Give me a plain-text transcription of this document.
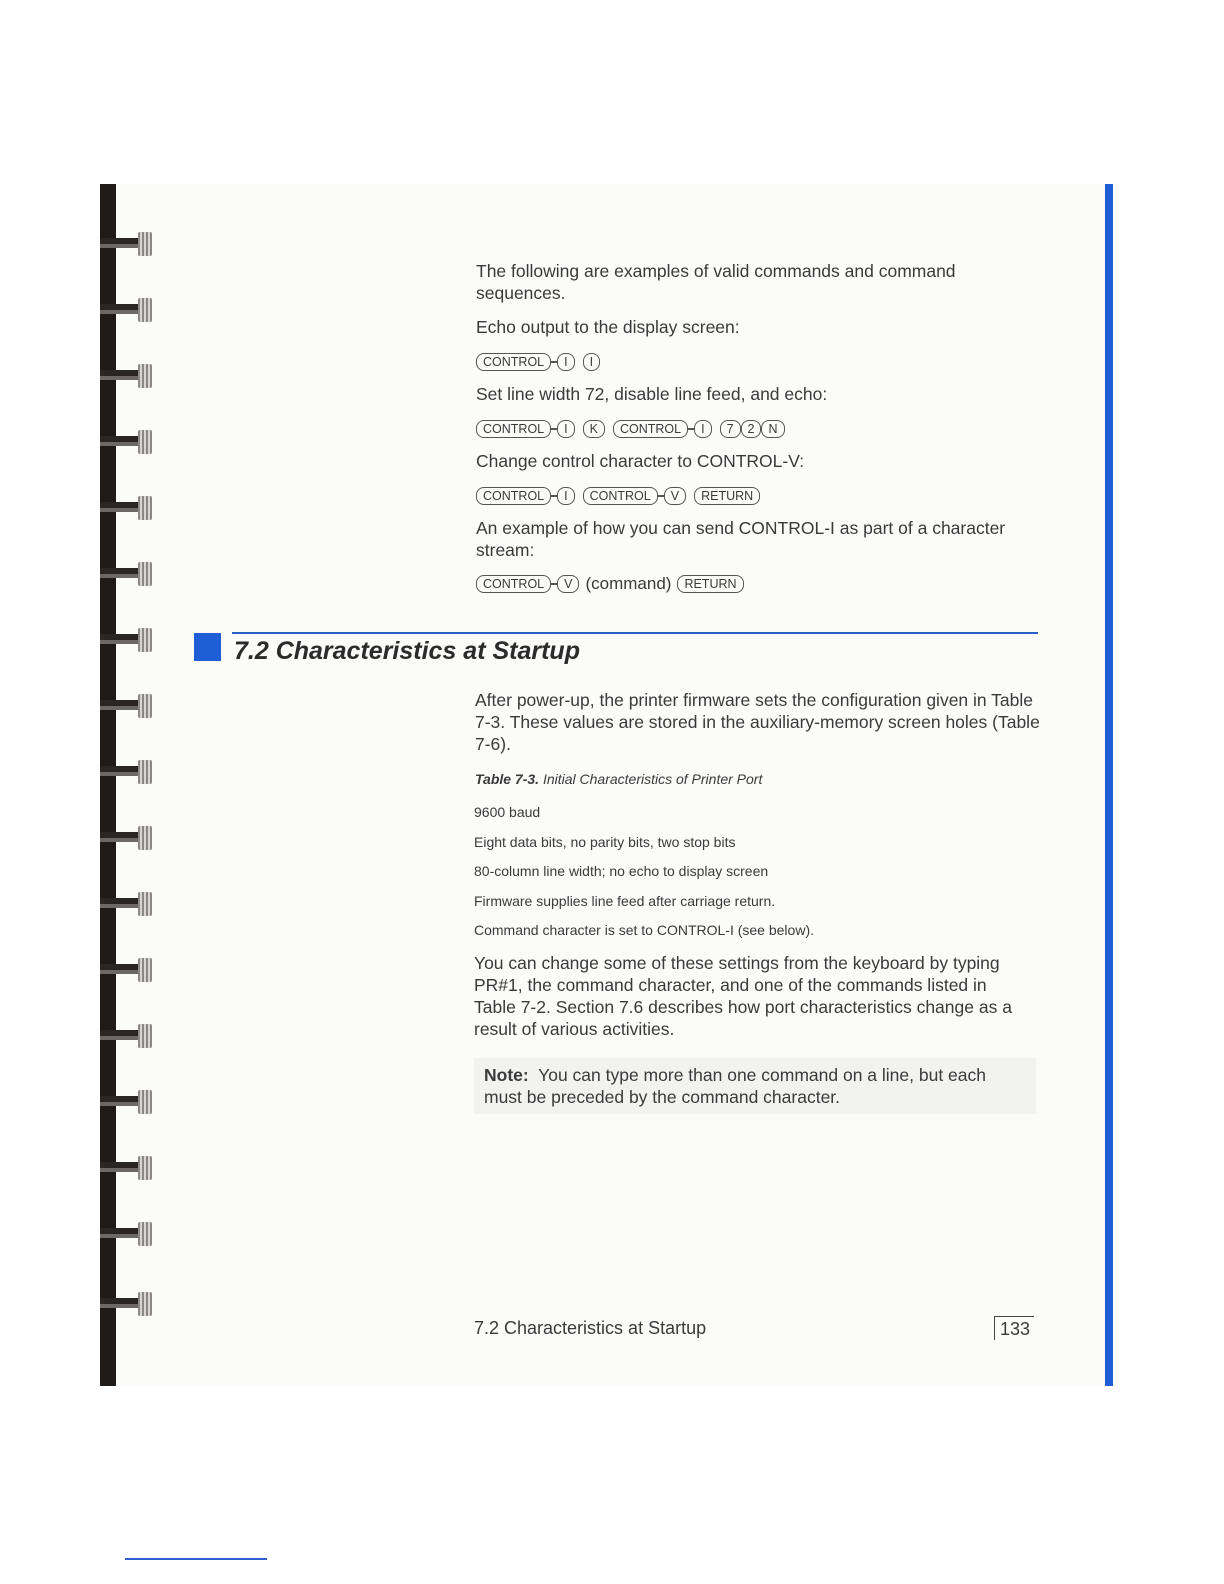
The following are examples of valid commands and command sequences.

Echo output to the display screen:

CONTROL	I	I

Set line width 72, disable line feed, and echo:

CONTROL	I	K	CONTROL	I	7	2	N

Change control character to CONTROL-V:

CONTROL	I	CONTROL	V	RETURN

An example of how you can send CONTROL-I as part of a character stream:

CONTROL	V (command)	RETURN
7.2 Characteristics at Startup

After power-up, the printer firmware sets the configuration given in Table 7-3. These values are stored in the auxiliary-memory screen holes (Table 7-6).

Table 7-3. Initial Characteristics of Printer Port
9600 baud
Eight data bits, no parity bits, two stop bits
80-column line width; no echo to display screen
Firmware supplies line feed after carriage return.
Command character is set to CONTROL-I (see below).

You can change some of these settings from the keyboard by typing PR#1, the command character, and one of the commands listed in Table 7-2. Section 7.6 describes how port characteristics change as a result of various activities.

Note: You can type more than one command on a line, but each must be preceded by the command character.

7.2 Characteristics at Startup	133
